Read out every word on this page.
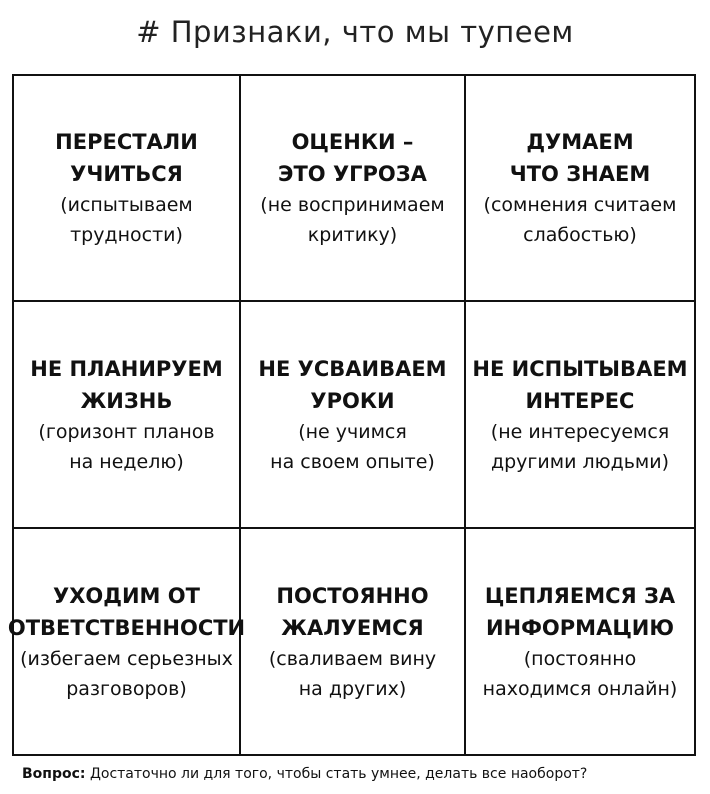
# Признаки, что мы тупеем
ПЕРЕСТАЛИ
УЧИТЬСЯ
(испытываем
трудности)
ОЦЕНКИ –
ЭТО УГРОЗА
(не воспринимаем
критику)
ДУМАЕМ
ЧТО ЗНАЕМ
(сомнения считаем
слабостью)
НЕ ПЛАНИРУЕМ
ЖИЗНЬ
(горизонт планов
на неделю)
НЕ УСВАИВАЕМ
УРОКИ
(не учимся
на своем опыте)
НЕ ИСПЫТЫВАЕМ
ИНТЕРЕС
(не интересуемся
другими людьми)
УХОДИМ ОТ
ОТВЕТСТВЕННОСТИ
(избегаем серьезных
разговоров)
ПОСТОЯННО
ЖАЛУЕМСЯ
(сваливаем вину
на других)
ЦЕПЛЯЕМСЯ ЗА
ИНФОРМАЦИЮ
(постоянно
находимся онлайн)
Вопрос: Достаточно ли для того, чтобы стать умнее, делать все наоборот?
